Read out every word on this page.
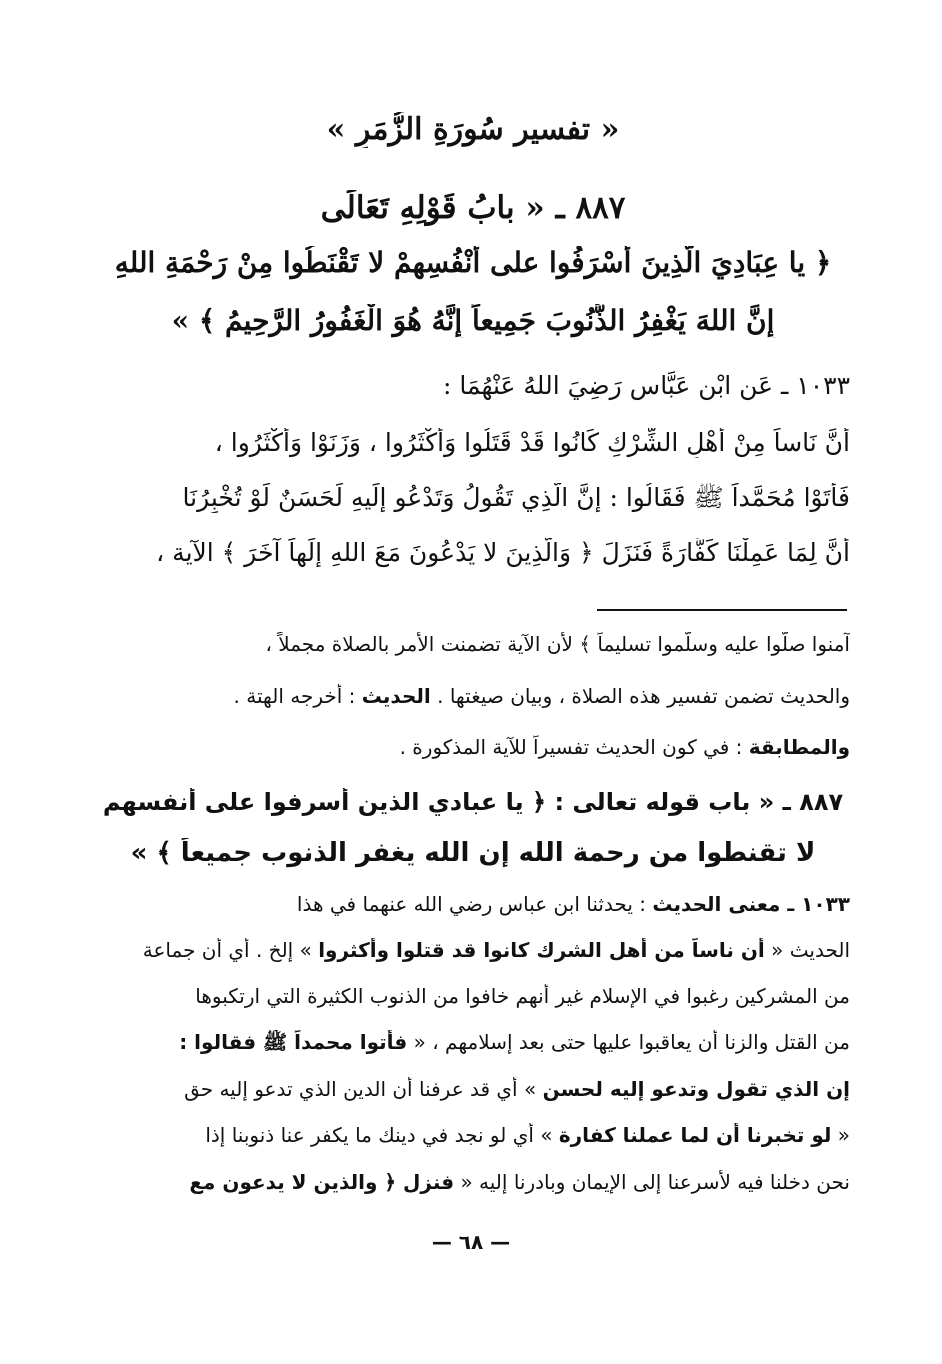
« تفسير سُورَةِ الزُّمَرِ »
٨٨٧ ـ « بابُ قَوْلِهِ تَعَالَى
﴿ يا عِبَادِيَ الَّذِينَ أَسْرَفُوا على أَنْفُسِهِمْ لا تَقْنَطُوا مِنْ رَحْمَةِ اللهِ
إِنَّ اللهَ يَغْفِرُ الذُّنُوبَ جَمِيعاً إِنَّهُ هُوَ الْغَفُورُ الرَّحِيمُ ﴾ »
١٠٣٣ ـ عَنِ ابْنِ عَبَّاسٍ رَضِيَ اللهُ عَنْهُمَا :
أَنَّ نَاساً مِنْ أَهْلِ الشِّرْكِ كَانُوا قَدْ قَتَلُوا وَأَكْثَرُوا ، وَزَنَوْا وَأَكْثَرُوا ،
فَأَتَوْا مُحَمَّداً ﷺ فَقَالُوا : إِنَّ الَّذِي تَقُولُ وَتَدْعُو إِلَيهِ لَحَسَنٌ لَوْ تُخْبِرُنَا
أَنَّ لِمَا عَمِلْنَا كَفَّارَةً فَنَزَلَ ﴿ وَالَّذِينَ لا يَدْعُونَ مَعَ اللهِ إِلَهاً آخَرَ ﴾ الآية ،
آمنوا صلّوا عليه وسلّموا تسليماً ﴾ لأن الآية تضمنت الأمر بالصلاة مجملاً ،
والحديث تضمن تفسير هذه الصلاة ، وبيان صيغتها . الحديث : أخرجه الهتة .
والمطابقة : في كون الحديث تفسيراً للآية المذكورة .
٨٨٧ ـ « باب قوله تعالى : ﴿ يا عبادي الذين أسرفوا على أنفسهم
لا تقنطوا من رحمة الله إن الله يغفر الذنوب جميعاً ﴾ »
١٠٣٣ ـ معنى الحديث : يحدثنا ابن عباس رضي الله عنهما في هذا
الحديث « أن ناساً من أهل الشرك كانوا قد قتلوا وأكثروا » إلخ . أي أن جماعة
من المشركين رغبوا في الإسلام غير أنهم خافوا من الذنوب الكثيرة التي ارتكبوها
من القتل والزنا أن يعاقبوا عليها حتى بعد إسلامهم ، « فأتوا محمداً ﷺ فقالوا :
إن الذي تقول وتدعو إليه لحسن » أي قد عرفنا أن الدين الذي تدعو إليه حق
« لو تخبرنا أن لما عملنا كفارة » أي لو نجد في دينك ما يكفر عنا ذنوبنا إذا
نحن دخلنا فيه لأسرعنا إلى الإيمان وبادرنا إليه « فنزل ﴿ والذين لا يدعون مع
— ٦٨ —
